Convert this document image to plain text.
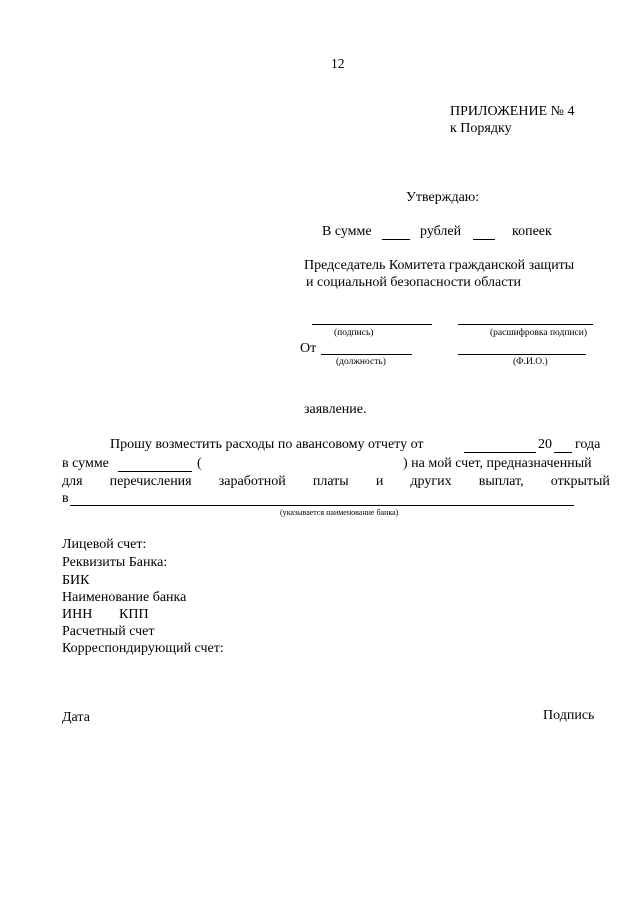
12
ПРИЛОЖЕНИЕ № 4
к Порядку
Утверждаю:
В сумме	рублей	копеек
Председатель Комитета гражданской защиты
и социальной безопасности области
(подпись)	(расшифровка подписи)
От
(должность)	(Ф.И.О.)
заявление.
Прошу возместить расходы по авансовому отчету от	20 года
в сумме	(	) на мой счет, предназначенный
для перечисления заработной платы и других выплат, открытый
в
(указывается наименование банка)
Лицевой счет:
Реквизиты Банка:
БИК
Наименование банка
ИНН КПП
Расчетный счет
Корреспондирующий счет:
Дата	Подпись
